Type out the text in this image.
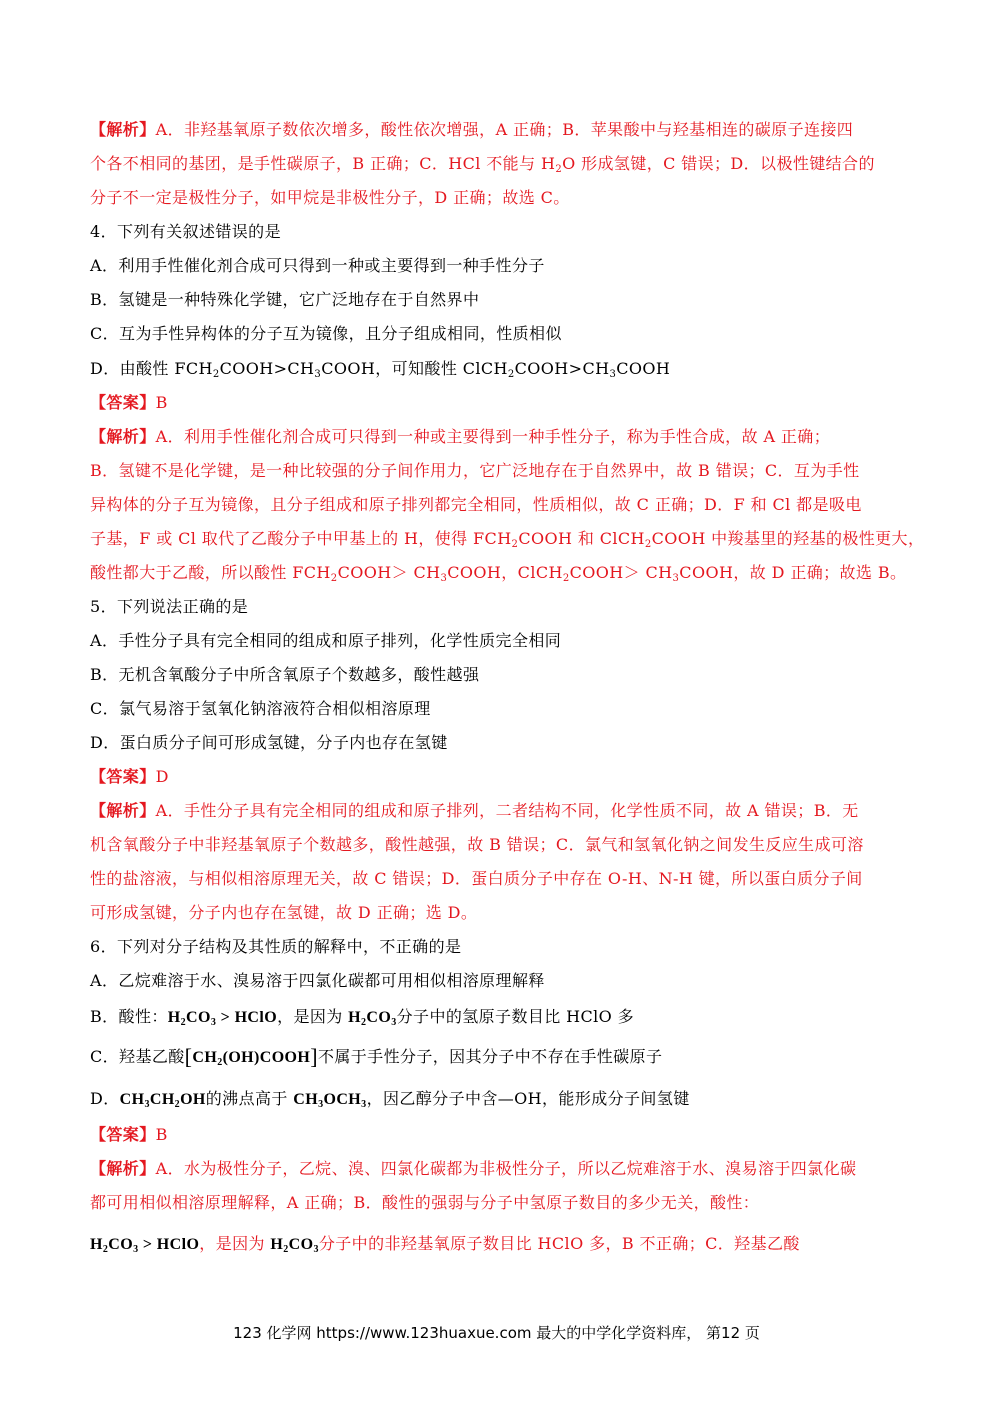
【解析】A．非羟基氧原子数依次增多，酸性依次增强，A 正确；B．苹果酸中与羟基相连的碳原子连接四
个各不相同的基团，是手性碳原子，B 正确；C．HCl 不能与 $H_2O$ 形成氢键，C 错误；D．以极性键结合的
分子不一定是极性分子，如甲烷是非极性分子，D 正确；故选 C。
4．下列有关叙述错误的是
A．利用手性催化剂合成可只得到一种或主要得到一种手性分子
B．氢键是一种特殊化学键，它广泛地存在于自然界中
C．互为手性异构体的分子互为镜像，且分子组成相同，性质相似
D．由酸性 $FCH_2COOH>CH_3COOH$，可知酸性 $ClCH_2COOH>CH_3COOH$
【答案】B
【解析】A．利用手性催化剂合成可只得到一种或主要得到一种手性分子，称为手性合成，故 A 正确；
B．氢键不是化学键，是一种比较强的分子间作用力，它广泛地存在于自然界中，故 B 错误；C．互为手性
异构体的分子互为镜像，且分子组成和原子排列都完全相同，性质相似，故 C 正确；D．F 和 Cl 都是吸电
子基，F 或 Cl 取代了乙酸分子中甲基上的 H，使得 $FCH_2COOH$ 和 ClCH$_2$COOH 中羧基里的羟基的极性更大，
酸性都大于乙酸，所以酸性 $FCH_2COOH>$ $CH_3COOH$，ClCH$_2$COOH＞ $CH_3COOH$，故 D 正确；故选 B。
5．下列说法正确的是
A．手性分子具有完全相同的组成和原子排列，化学性质完全相同
B．无机含氧酸分子中所含氧原子个数越多，酸性越强
C．氯气易溶于氢氧化钠溶液符合相似相溶原理
D．蛋白质分子间可形成氢键，分子内也存在氢键
【答案】D
【解析】A．手性分子具有完全相同的组成和原子排列，二者结构不同，化学性质不同，故 A 错误；B．无
机含氧酸分子中非羟基氧原子个数越多，酸性越强，故 B 错误；C．氯气和氢氧化钠之间发生反应生成可溶
性的盐溶液，与相似相溶原理无关，故 C 错误；D．蛋白质分子中存在 O-H、N-H 键，所以蛋白质分子间
可形成氢键，分子内也存在氢键，故 D 正确；选 D。
6．下列对分子结构及其性质的解释中，不正确的是
A．乙烷难溶于水、溴易溶于四氯化碳都可用相似相溶原理解释
B．酸性：$H_2CO_3$ > HClO，是因为 $H_2CO_3$分子中的氢原子数目比 HClO 多
C．羟基乙酸$[CH_2(OH)COOH]$不属于手性分子，因其分子中不存在手性碳原子
D．$CH_3CH_2OH$的沸点高于 $CH_3OCH_3$，因乙醇分子中含—OH，能形成分子间氢键
【答案】B
【解析】A．水为极性分子，乙烷、溴、四氯化碳都为非极性分子，所以乙烷难溶于水、溴易溶于四氯化碳
都可用相似相溶原理解释，A 正确；B．酸性的强弱与分子中氢原子数目的多少无关，酸性：
$H_2CO_3$ > HClO，是因为 $H_2CO_3$分子中的非羟基氧原子数目比 HClO 多，B 不正确；C．羟基乙酸
123 化学网 https://www.123huaxue.com 最大的中学化学资料库， 第12 页
